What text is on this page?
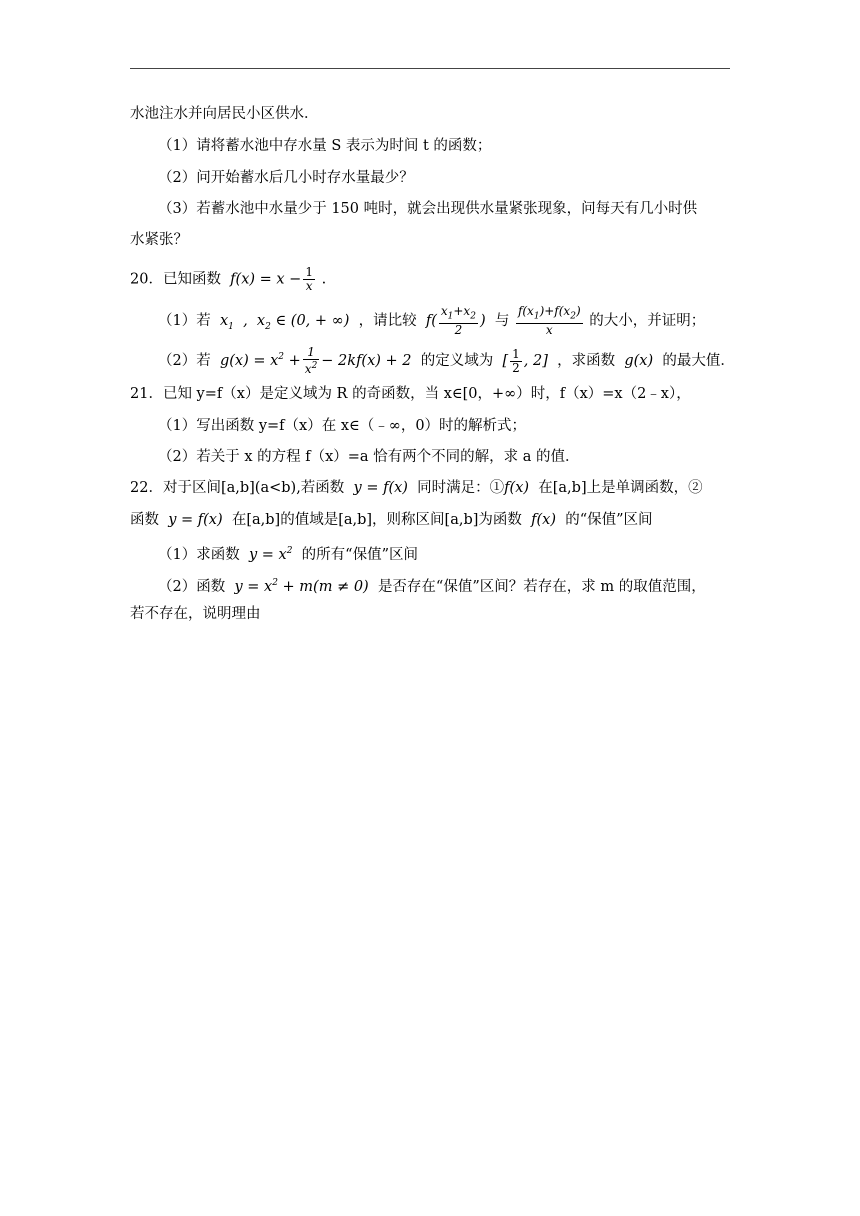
水池注水并向居民小区供水．
（1）请将蓄水池中存水量 S 表示为时间 t 的函数；
（2）问开始蓄水后几小时存水量最少？
（3）若蓄水池中水量少于 150 吨时，就会出现供水量紧张现象，问每天有几小时供
水紧张？
20．已知函数  $f(x) = x - \frac{1}{x}$ .
（1）若  $x_1$  ,  $x_2$ ∈ (0, + ∞)  ，请比较  $f( \frac{x_1+x_2}{2}$ )  与 $\frac{f(x_1)+f(x_2)}{x}$ 的大小，并证明；
（2）若  $g(x) = x^2 + \frac{1}{x^2} - 2kf(x) + 2$  的定义域为  [ $\frac{1}{2}$ , 2]  ，求函数  g(x)  的最大值．
21．已知 y=f（x）是定义域为 R 的奇函数，当 x∈[0，+∞）时，f（x）=x（2﹣x），
（1）写出函数 y=f（x）在 x∈（﹣∞，0）时的解析式；
（2）若关于 x 的方程 f（x）=a 恰有两个不同的解，求 a 的值．
22．对于区间[a,b](a<b),若函数  y = f(x)  同时满足：①f(x)  在[a,b]上是单调函数，②
函数  y = f(x)  在[a,b]的值域是[a,b]，则称区间[a,b]为函数  f(x)  的“保值”区间
（1）求函数  $y = x^2$ 的所有“保值”区间
（2）函数  $y = x^2 + m(m \ne 0)$  是否存在“保值”区间？若存在，求 m 的取值范围，
若不存在，说明理由
